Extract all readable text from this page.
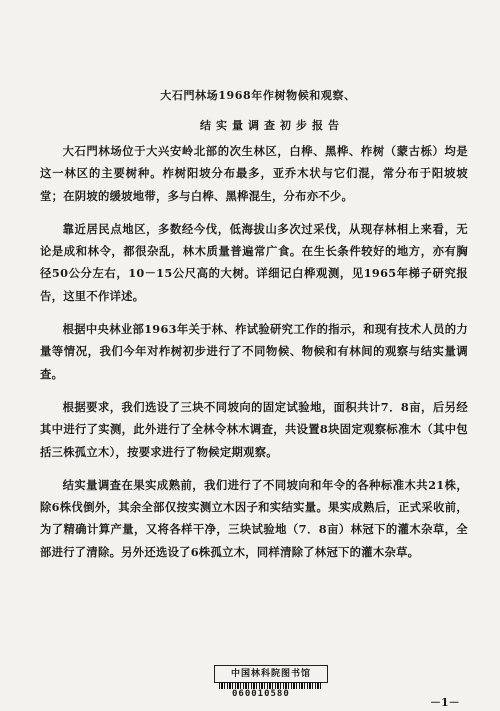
大石門林场1968年作树物候和观察、
结实量调查初步报告

大石門林场位于大兴安岭北部的次生林区，白桦、黑桦、柞树（蒙古栎）均是这一林区的主要树种。柞树阳坡分布最多，亚乔木状与它们混，常分布于阳坡坡堂；在阴坡的缓坡地带，多与白桦、黑桦混生，分布亦不少。

靠近居民点地区，多数经今伐，低海拔山多次过采伐，从现存林相上来看，无论是成和林令，都很杂乱，林木质量普遍常广食。在生长条件较好的地方，亦有胸径50公分左右，10－15公尺高的大树。详细记白桦观测，见1965年梯子研究报告，这里不作详述。

根据中央林业部1963年关于林、柞试验研究工作的指示，和现有技术人员的力量等情况，我们今年对柞树初步进行了不同物候、物候和有林间的观察与结实量调查。

根据要求，我们选设了三块不同坡向的固定试验地，面积共计7．8亩，后另经其中进行了实测，此外进行了全林令林木调查，共设置8块固定观察标准木（其中包括三株孤立木），按要求进行了物候定期观察。

结实量调查在果实成熟前，我们进行了不同坡向和年令的各种标准木共21株，除6株伐倒外，其余全部仅按实测立木因子和实结实量。果实成熟后，正式采收前，为了精确计算产量，又将各样干净，三块试验地（7．8亩）林冠下的灌木杂草，全部进行了清除。另外还选设了6株孤立木，同样清除了林冠下的灌木杂草。

中国林科院图书馆
060010580
－1－
